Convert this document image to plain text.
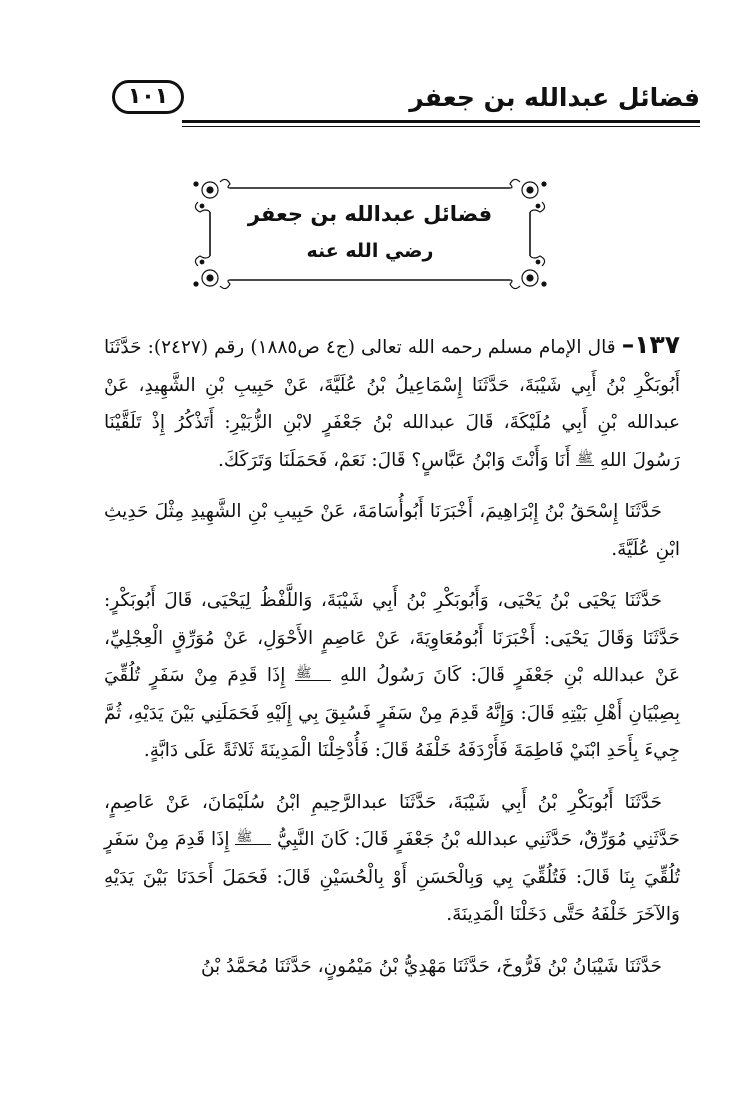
فضائل عبدالله بن جعفر
١٠١
فضائل عبدالله بن جعفر
رضي الله عنه

١٣٧– قال الإمام مسلم رحمه الله تعالى (ج٤ ص١٨٨٥) رقم (٢٤٢٧): حَدَّثَنَا أَبُوبَكْرِ بْنُ أَبِي شَيْبَةَ، حَدَّثَنَا إِسْمَاعِيلُ بْنُ عُلَيَّةَ، عَنْ حَبِيبِ بْنِ الشَّهِيدِ، عَنْ عبدالله بْنِ أَبِي مُلَيْكَةَ، قَالَ عبدالله بْنُ جَعْفَرٍ لابْنِ الزُّبَيْرِ: أَتَذْكُرُ إِذْ تَلَقَّيْنَا رَسُولَ اللهِ ﷺ أَنَا وَأَنْتَ وَابْنُ عَبَّاسٍ؟ قَالَ: نَعَمْ، فَحَمَلَنَا وَتَرَكَكَ.

حَدَّثَنَا إِسْحَقُ بْنُ إِبْرَاهِيمَ، أَخْبَرَنَا أَبُوأُسَامَةَ، عَنْ حَبِيبِ بْنِ الشَّهِيدِ مِثْلَ حَدِيثِ ابْنِ عُلَيَّةَ.

حَدَّثَنَا يَحْيَى بْنُ يَحْيَى، وَأَبُوبَكْرِ بْنُ أَبِي شَيْبَةَ، وَاللَّفْظُ لِيَحْيَى، قَالَ أَبُوبَكْرٍ: حَدَّثَنَا وَقَالَ يَحْيَى: أَخْبَرَنَا أَبُومُعَاوِيَةَ، عَنْ عَاصِمٍ الأَحْوَلِ، عَنْ مُوَرِّقٍ الْعِجْلِيِّ، عَنْ عبدالله بْنِ جَعْفَرٍ قَالَ: كَانَ رَسُولُ اللهِ ﷺ إِذَا قَدِمَ مِنْ سَفَرٍ تُلُقِّيَ بِصِبْيَانِ أَهْلِ بَيْتِهِ قَالَ: وَإِنَّهُ قَدِمَ مِنْ سَفَرٍ فَسُبِقَ بِي إِلَيْهِ فَحَمَلَنِي بَيْنَ يَدَيْهِ، ثُمَّ جِيءَ بِأَحَدِ ابْنَيْ فَاطِمَةَ فَأَرْدَفَهُ خَلْفَهُ قَالَ: فَأُدْخِلْنَا الْمَدِينَةَ ثَلاثَةً عَلَى دَابَّةٍ.

حَدَّثَنَا أَبُوبَكْرِ بْنُ أَبِي شَيْبَةَ، حَدَّثَنَا عبدالرَّحِيمِ ابْنُ سُلَيْمَانَ، عَنْ عَاصِمٍ، حَدَّثَنِي مُوَرِّقٌ، حَدَّثَنِي عبدالله بْنُ جَعْفَرٍ قَالَ: كَانَ النَّبِيُّ ﷺ إِذَا قَدِمَ مِنْ سَفَرٍ تُلُقِّيَ بِنَا قَالَ: فَتُلُقِّيَ بِي وَبِالْحَسَنِ أَوْ بِالْحُسَيْنِ قَالَ: فَحَمَلَ أَحَدَنَا بَيْنَ يَدَيْهِ وَالآخَرَ خَلْفَهُ حَتَّى دَخَلْنَا الْمَدِينَةَ.

حَدَّثَنَا شَيْبَانُ بْنُ فَرُّوخَ، حَدَّثَنَا مَهْدِيُّ بْنُ مَيْمُونٍ، حَدَّثَنَا مُحَمَّدُ بْنُ
